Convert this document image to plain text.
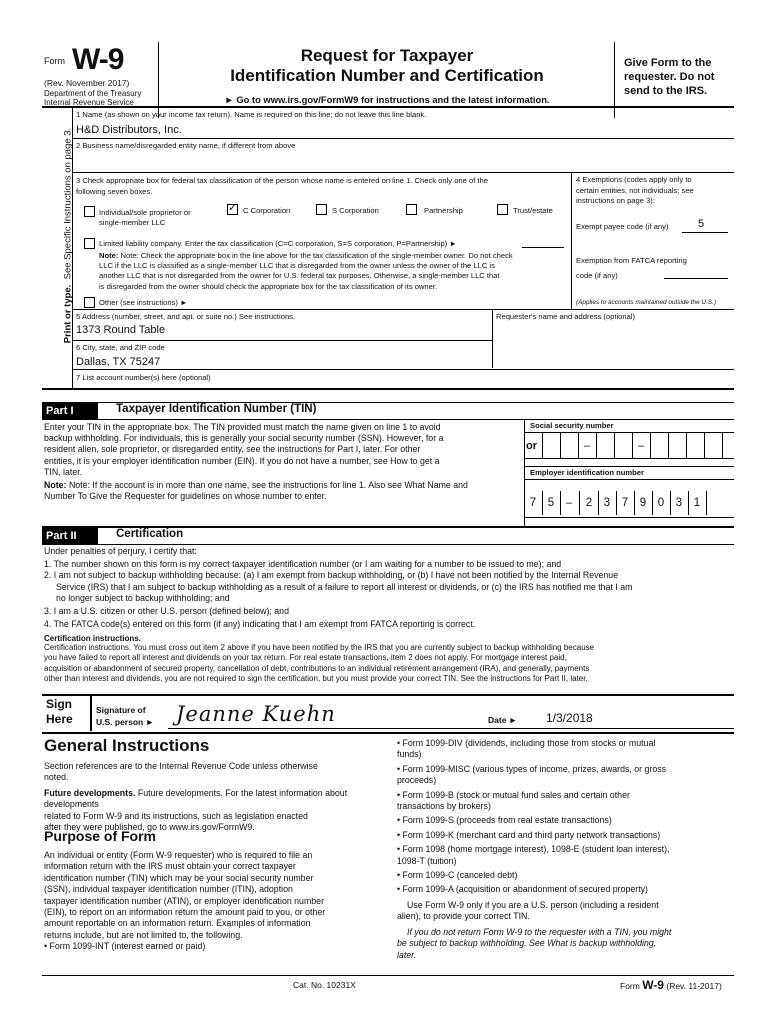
Form W-9
(Rev. November 2017)
Department of the Treasury
Internal Revenue Service
Request for Taxpayer
Identification Number and Certification
► Go to www.irs.gov/FormW9 for instructions and the latest information.
Give Form to the
requester. Do not
send to the IRS.
Print or type.  See Specific Instructions on page 3.
1 Name (as shown on your income tax return). Name is required on this line; do not leave this line blank.
H&D Distributors, Inc.
2 Business name/disregarded entity name, if different from above
3 Check appropriate box for federal tax classification of the person whose name is entered on line 1. Check only one of the
following seven boxes.
Individual/sole proprietor or
single-member LLC
✓ C Corporation	S Corporation	Partnership	Trust/estate
Limited liability company. Enter the tax classification (C=C corporation, S=S corporation, P=Partnership) ►
Note: Note: Check the appropriate box in the line above for the tax classification of the single-member owner. Do not check
LLC if the LLC is classified as a single-member LLC that is disregarded from the owner unless the owner of the LLC is
another LLC that is not disregarded from the owner for U.S. federal tax purposes. Otherwise, a single-member LLC that
is disregarded from the owner should check the appropriate box for the tax classification of its owner.
Other (see instructions) ►
4 Exemptions (codes apply only to
certain entities, not individuals; see
instructions on page 3):
Exempt payee code (if any)	5
Exemption from FATCA reporting
code (if any)
(Applies to accounts maintained outside the U.S.)
5 Address (number, street, and apt. or suite no.) See instructions.	Requester's name and address (optional)
1373 Round Table
6 City, state, and ZIP code
Dallas, TX 75247
7 List account number(s) here (optional)
Part I	Taxpayer Identification Number (TIN)

Enter your TIN in the appropriate box. The TIN provided must match the name given on line 1 to avoid

backup withholding. For individuals, this is generally your social security number (SSN). However, for a

resident alien, sole proprietor, or disregarded entity, see the instructions for Part I, later. For other

entities, it is your employer identification number (EIN). If you do not have a number, see How to get a

TIN, later.

Note: Note: If the account is in more than one name, see the instructions for line 1. Also see What Name and

Number To Give the Requester for guidelines on whose number to enter.

Social security number
–	–
or
Employer identification number
7	5	–	2	3	7	9	0	3	1
Part II	Certification

Under penalties of perjury, I certify that:

1. The number shown on this form is my correct taxpayer identification number (or I am waiting for a number to be issued to me); and

2. I am not subject to backup withholding because: (a) I am exempt from backup withholding, or (b) I have not been notified by the Internal Revenue

Service (IRS) that I am subject to backup withholding as a result of a failure to report all interest or dividends, or (c) the IRS has notified me that I am

no longer subject to backup withholding; and

3. I am a U.S. citizen or other U.S. person (defined below); and

4. The FATCA code(s) entered on this form (if any) indicating that I am exempt from FATCA reporting is correct.

Certification instructions.

Certification instructions. You must cross out item 2 above if you have been notified by the IRS that you are currently subject to backup withholding because
you have failed to report all interest and dividends on your tax return. For real estate transactions, item 2 does not apply. For mortgage interest paid,
acquisition or abandonment of secured property, cancellation of debt, contributions to an individual retirement arrangement (IRA), and generally, payments
other than interest and dividends, you are not required to sign the certification, but you must provide your correct TIN. See the instructions for Part II, later.
Sign
Here
Signature of
U.S. person ► Jeanne Kuehn	Date ► 1/3/2018
General Instructions
Section references are to the Internal Revenue Code unless otherwise
noted.
Future developments. Future developments. For the latest information about developments
related to Form W-9 and its instructions, such as legislation enacted
after they were published, go to www.irs.gov/FormW9.
Purpose of Form
An individual or entity (Form W-9 requester) who is required to file an
information return with the IRS must obtain your correct taxpayer
identification number (TIN) which may be your social security number
(SSN), individual taxpayer identification number (ITIN), adoption
taxpayer identification number (ATIN), or employer identification number
(EIN), to report on an information return the amount paid to you, or other
amount reportable on an information return. Examples of information
returns include, but are not limited to, the following.
• Form 1099-INT (interest earned or paid)
• Form 1099-DIV (dividends, including those from stocks or mutual
funds)
• Form 1099-MISC (various types of income, prizes, awards, or gross
proceeds)
• Form 1099-B (stock or mutual fund sales and certain other
transactions by brokers)
• Form 1099-S (proceeds from real estate transactions)
• Form 1099-K (merchant card and third party network transactions)
• Form 1098 (home mortgage interest), 1098-E (student loan interest),
1098-T (tuition)
• Form 1099-C (canceled debt)
• Form 1099-A (acquisition or abandonment of secured property)
Use Form W-9 only if you are a U.S. person (including a resident
alien), to provide your correct TIN.
If you do not return Form W-9 to the requester with a TIN, you might
be subject to backup withholding. See What is backup withholding,
later.
Cat. No. 10231X	Form W-9 (Rev. 11-2017)
